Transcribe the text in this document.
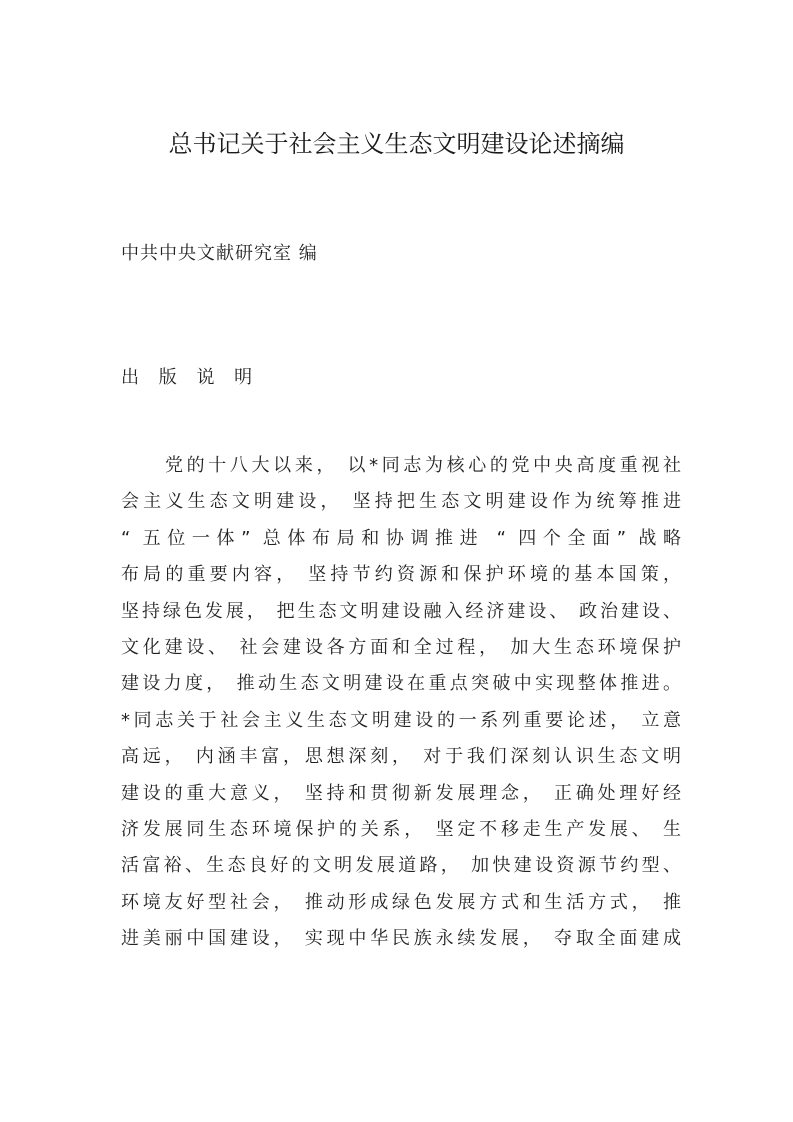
总书记关于社会主义生态文明建设论述摘编
中共中央文献研究室 编
出 版 说 明
党的十八大以来， 以*同志为核心的党中央高度重视社
会主义生态文明建设， 坚持把生态文明建设作为统筹推进
“ 五位一体” 总体布局和协调推进 “ 四个全面” 战略
布局的重要内容， 坚持节约资源和保护环境的基本国策，
坚持绿色发展， 把生态文明建设融入经济建设、 政治建设、
文化建设、 社会建设各方面和全过程， 加大生态环境保护
建设力度， 推动生态文明建设在重点突破中实现整体推进。
*同志关于社会主义生态文明建设的一系列重要论述， 立意
高远， 内涵丰富，思想深刻， 对于我们深刻认识生态文明
建设的重大意义， 坚持和贯彻新发展理念， 正确处理好经
济发展同生态环境保护的关系， 坚定不移走生产发展、 生
活富裕、生态良好的文明发展道路， 加快建设资源节约型、
环境友好型社会， 推动形成绿色发展方式和生活方式， 推
进美丽中国建设， 实现中华民族永续发展， 夺取全面建成
